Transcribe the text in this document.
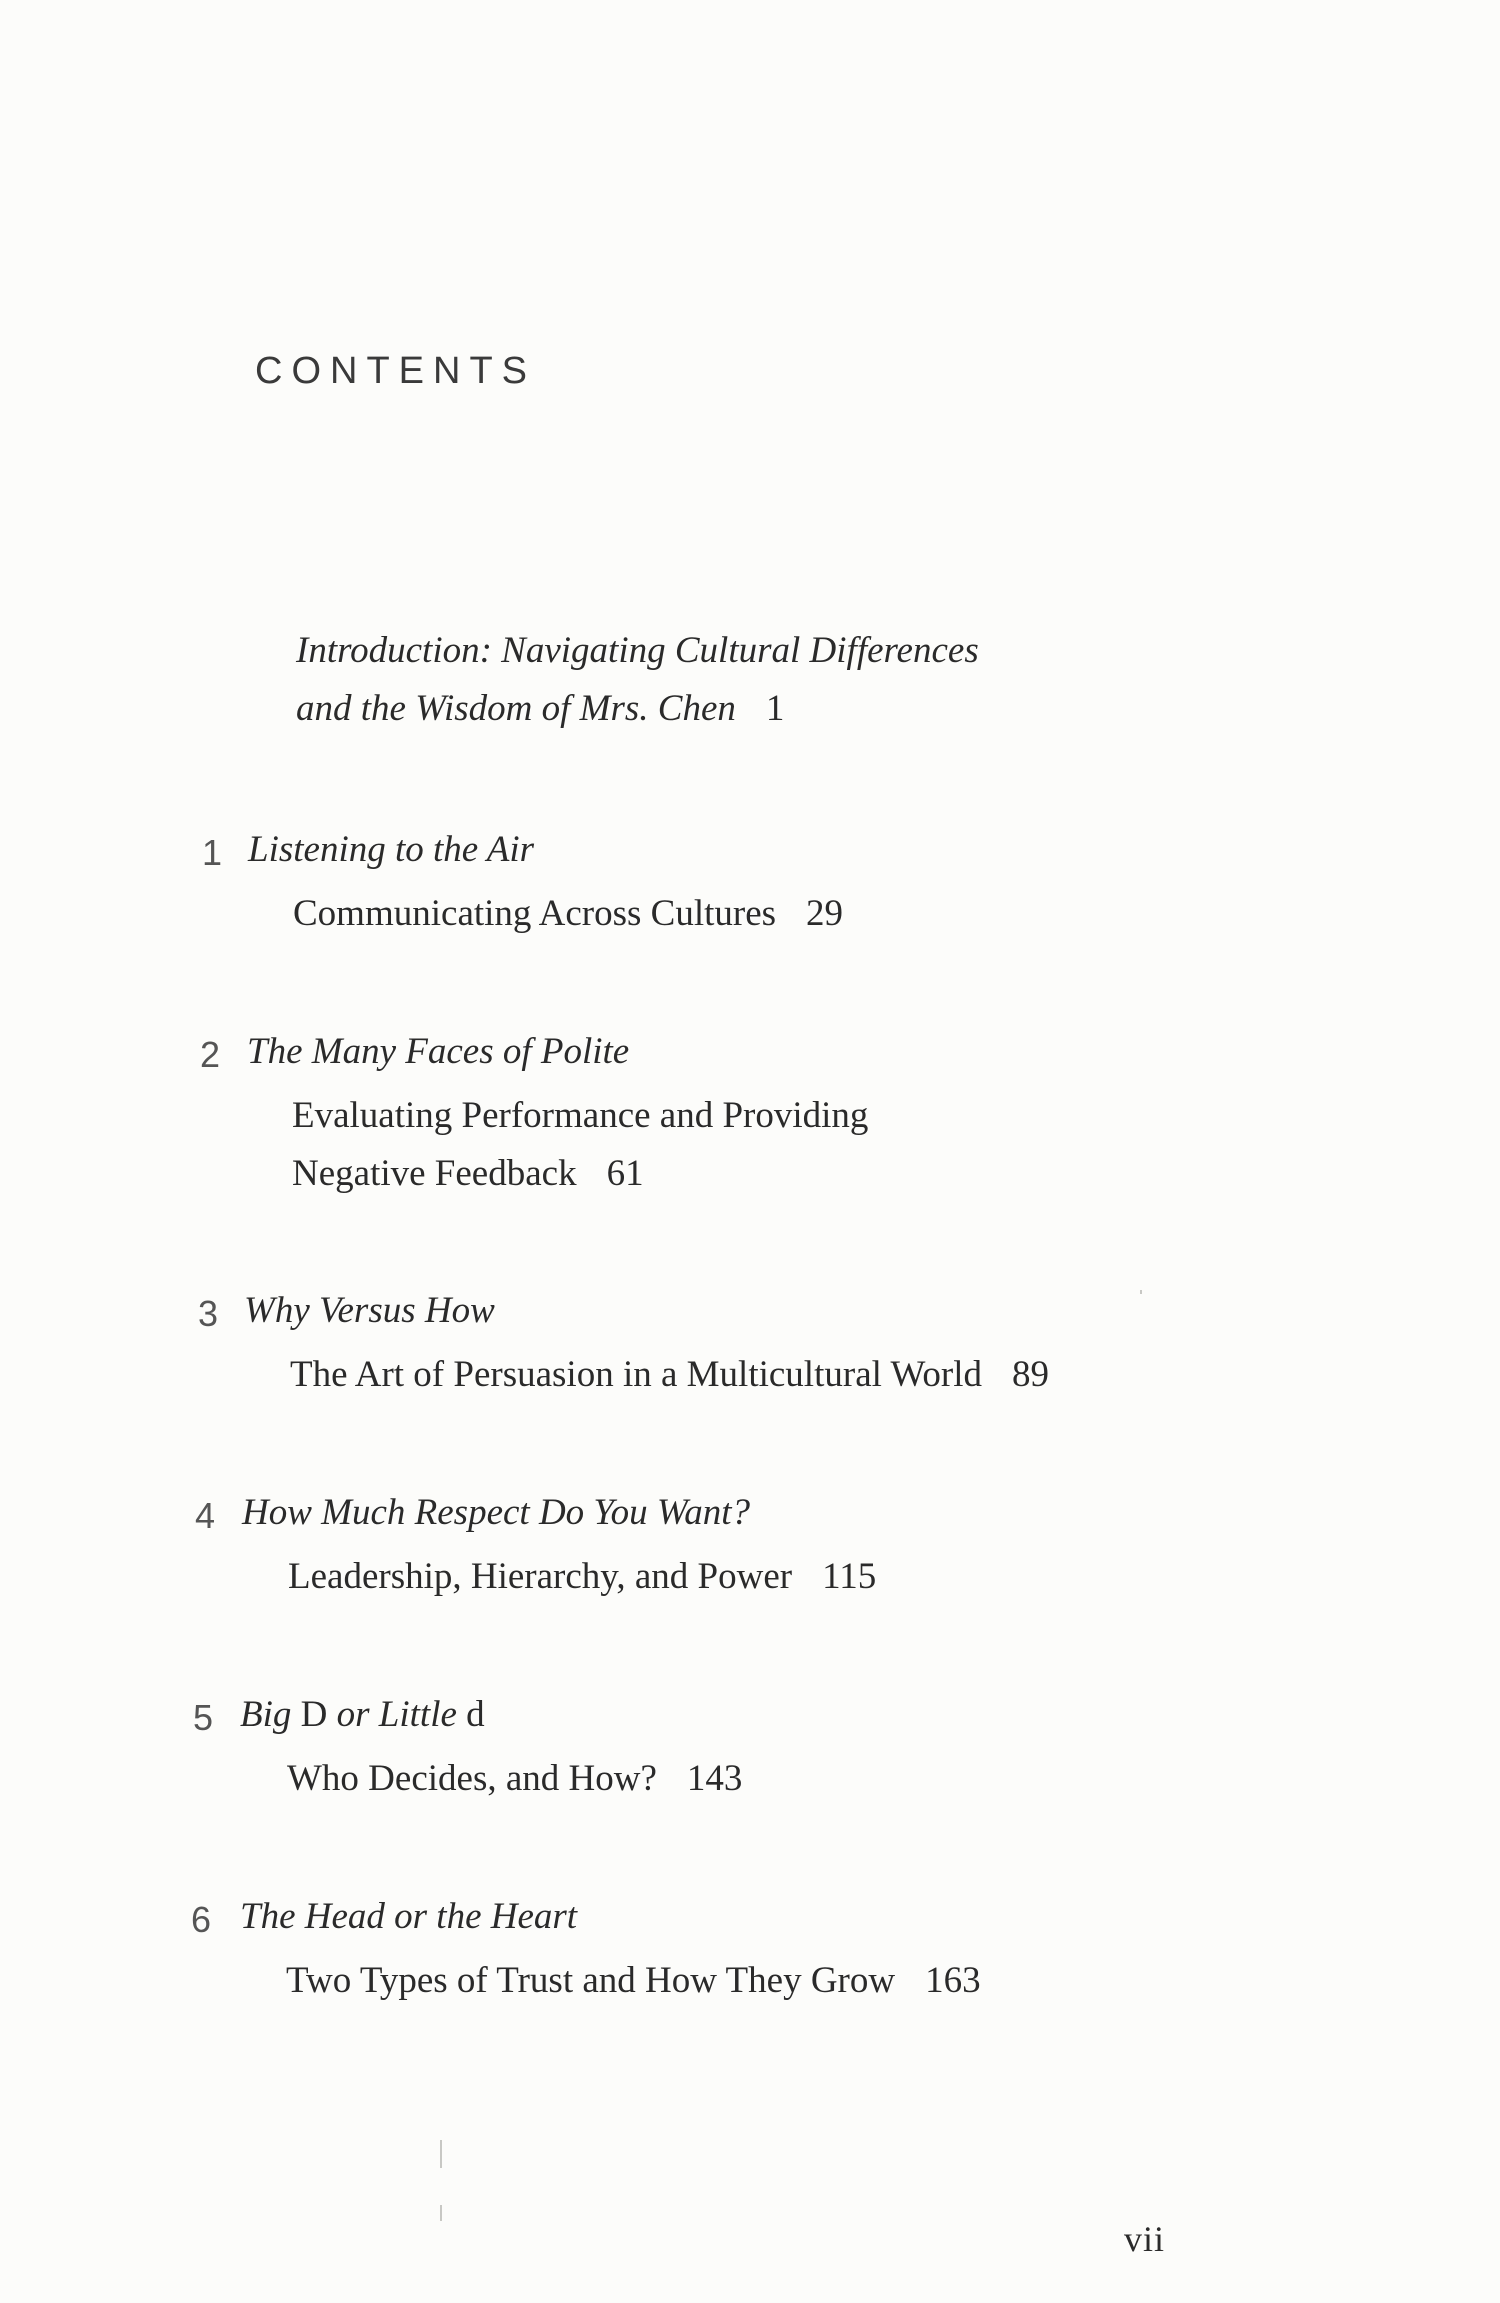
CONTENTS
Introduction: Navigating Cultural Differences
and the Wisdom of Mrs. Chen 1
1 Listening to the Air
Communicating Across Cultures 29
2 The Many Faces of Polite
Evaluating Performance and Providing
Negative Feedback 61
3 Why Versus How
The Art of Persuasion in a Multicultural World 89
4 How Much Respect Do You Want?
Leadership, Hierarchy, and Power 115
5 Big D or Little d
Who Decides, and How? 143
6 The Head or the Heart
Two Types of Trust and How They Grow 163
vii
